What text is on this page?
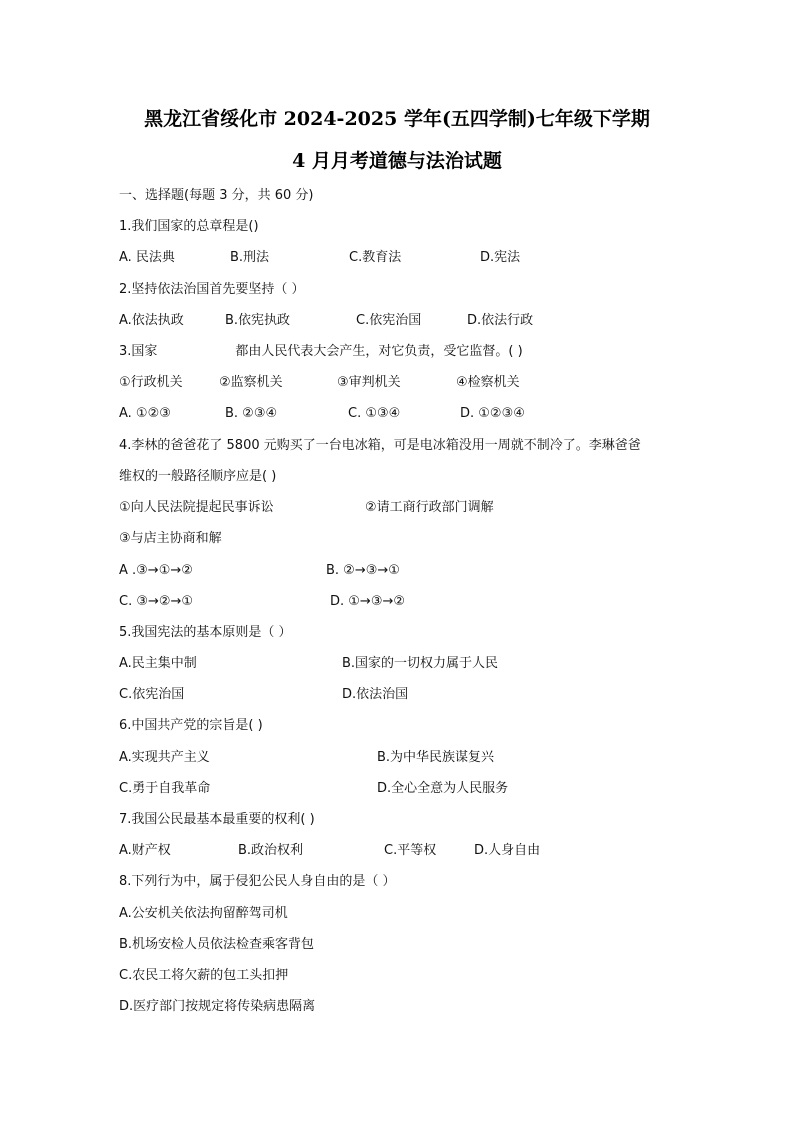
黑龙江省绥化市 2024-2025 学年(五四学制)七年级下学期
4 月月考道德与法治试题
一、选择题(每题 3 分，共 60 分)
1.我们国家的总章程是()
A. 民法典	B.刑法	C.教育法	D.宪法
2.坚持依法治国首先要坚持（ ）
A.依法执政	B.依宪执政	C.依宪治国	D.依法行政
3.国家	都由人民代表大会产生，对它负责，受它监督。( )
①行政机关	②监察机关	③审判机关	④检察机关
A. ①②③	B. ②③④	C. ①③④	D. ①②③④
4.李林的爸爸花了 5800 元购买了一台电冰箱，可是电冰箱没用一周就不制冷了。李琳爸爸
维权的一般路径顺序应是( )
①向人民法院提起民事诉讼	②请工商行政部门调解
③与店主协商和解
A .③→①→②	B. ②→③→①
C. ③→②→①	D. ①→③→②
5.我国宪法的基本原则是（ ）
A.民主集中制	B.国家的一切权力属于人民
C.依宪治国	D.依法治国
6.中国共产党的宗旨是( )
A.实现共产主义	B.为中华民族谋复兴
C.勇于自我革命	D.全心全意为人民服务
7.我国公民最基本最重要的权利( )
A.财产权	B.政治权利	C.平等权	D.人身自由
8.下列行为中，属于侵犯公民人身自由的是（ ）
A.公安机关依法拘留醉驾司机
B.机场安检人员依法检查乘客背包
C.农民工将欠薪的包工头扣押
D.医疗部门按规定将传染病患隔离
